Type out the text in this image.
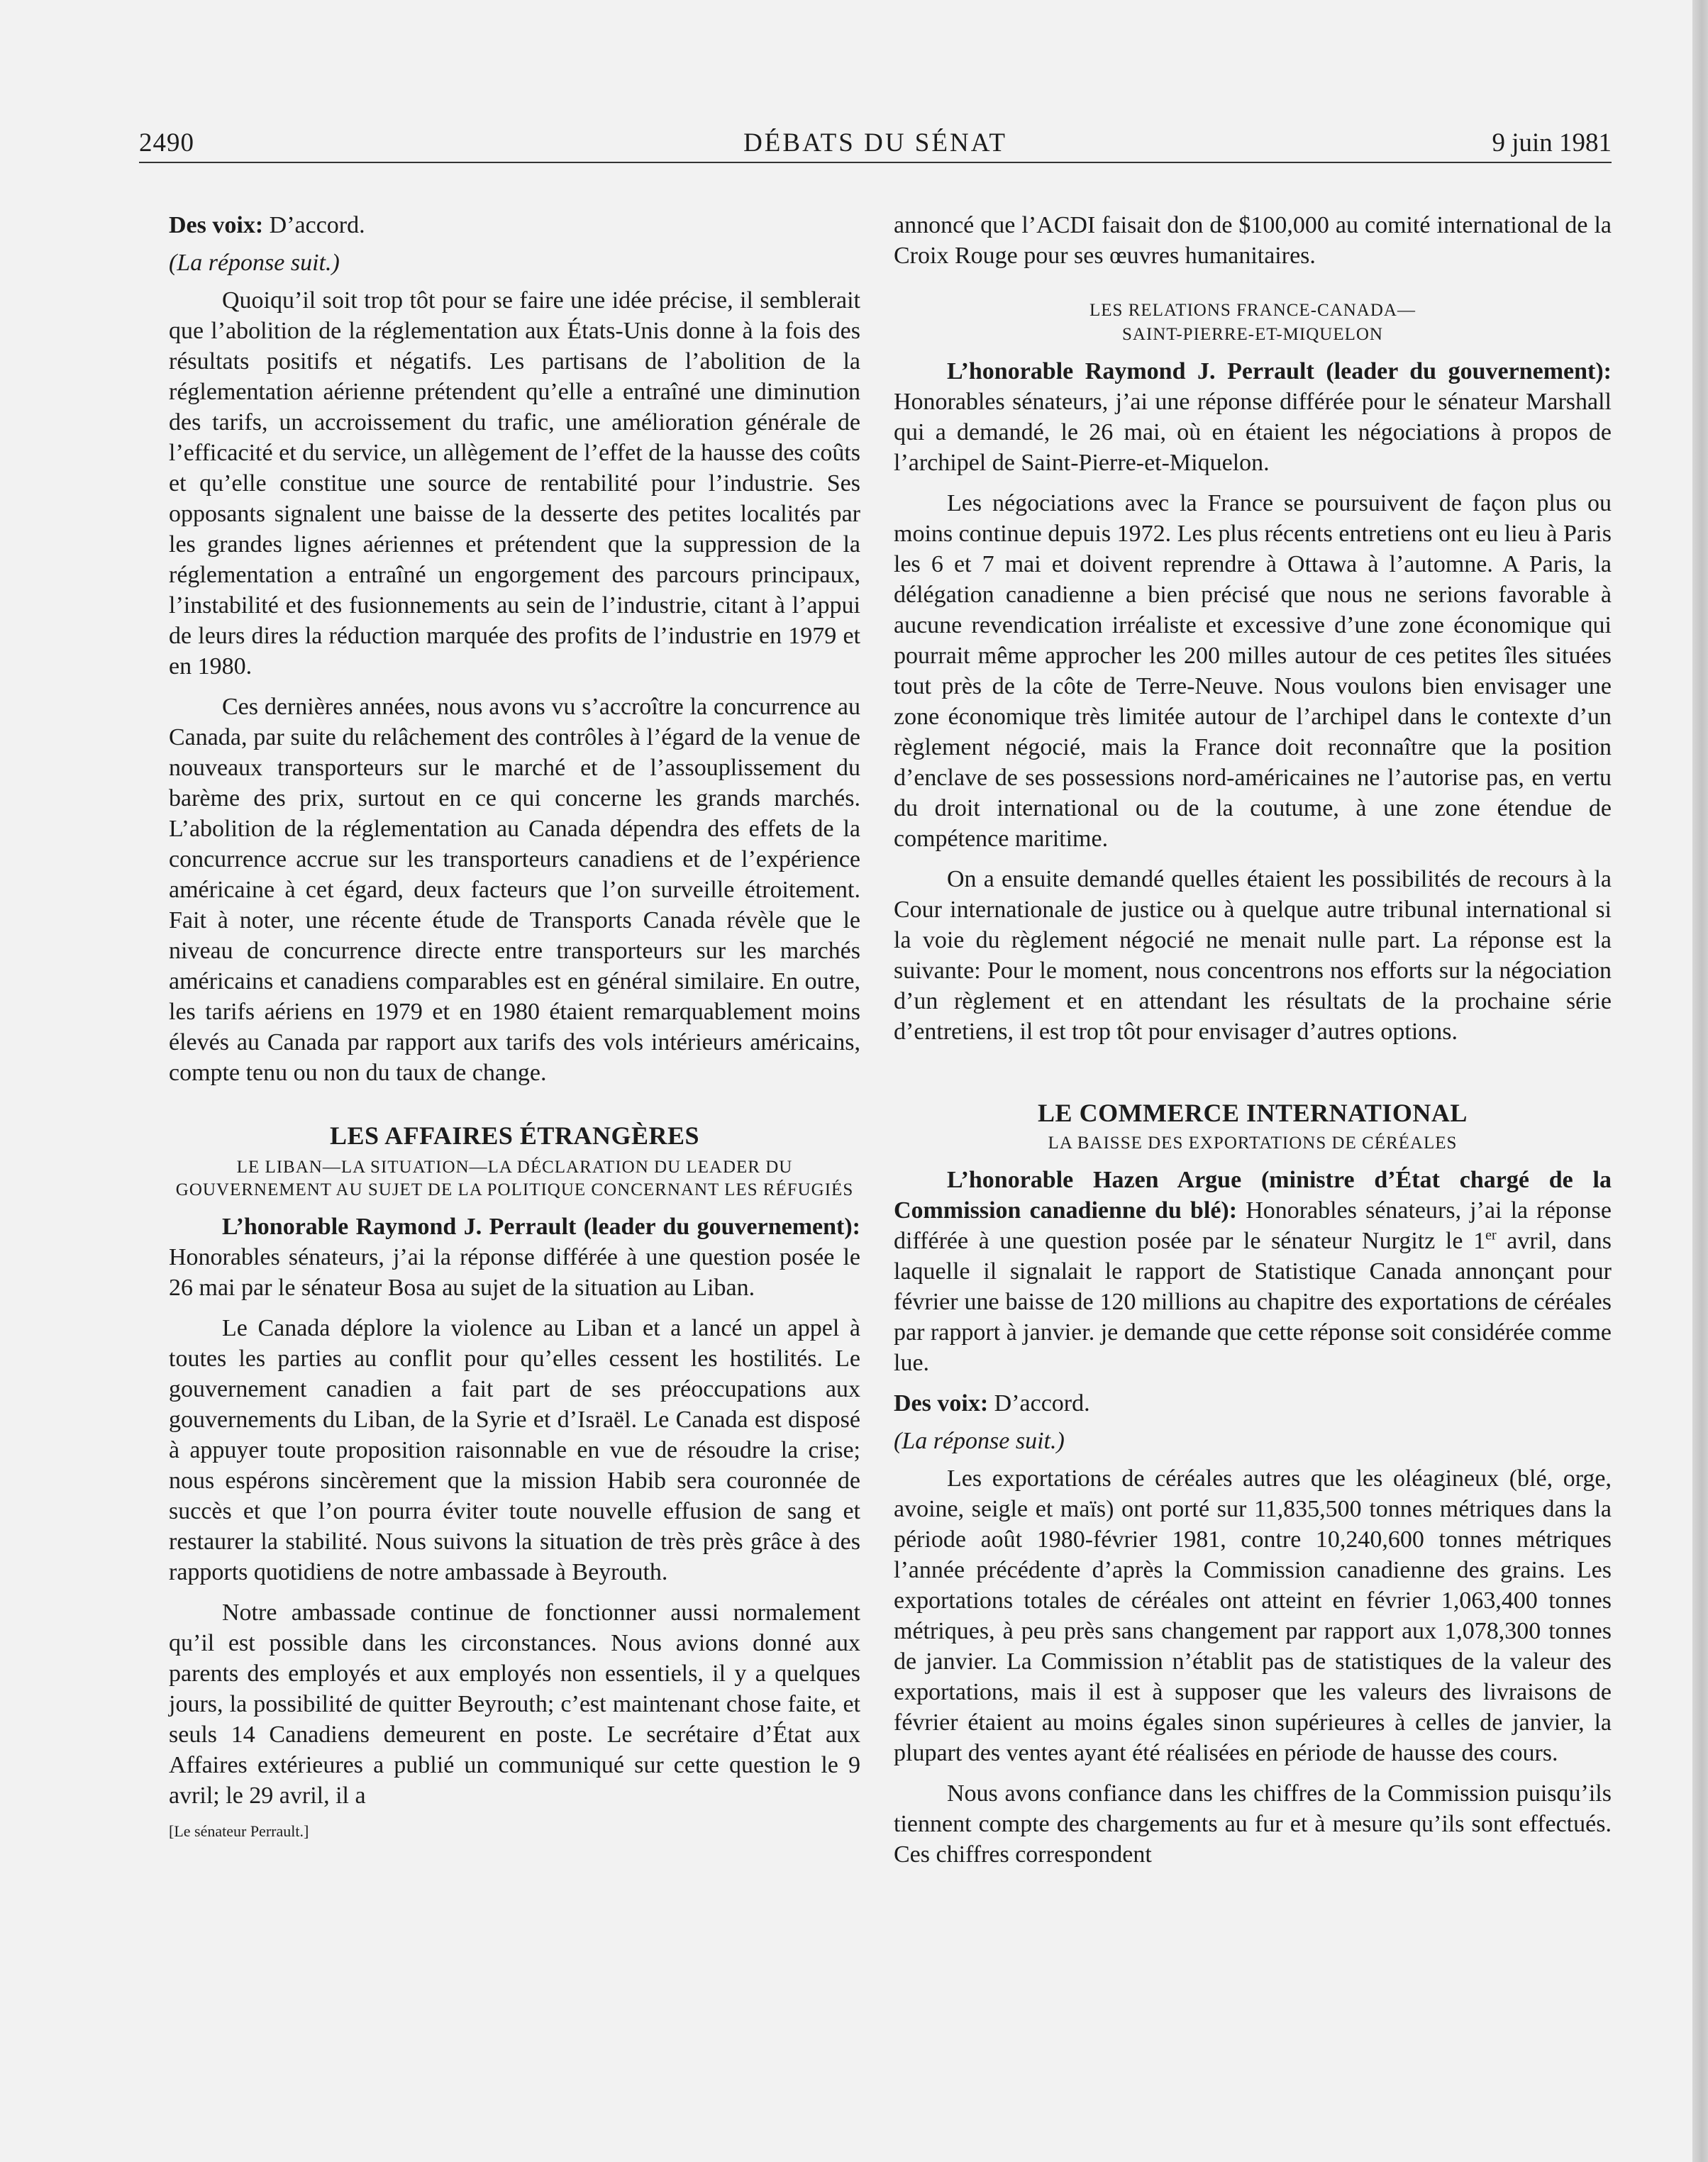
2490	DÉBATS DU SÉNAT	9 juin 1981

Des voix: D’accord.

(La réponse suit.)

Quoiqu’il soit trop tôt pour se faire une idée précise, il semblerait que l’abolition de la réglementation aux États-Unis donne à la fois des résultats positifs et négatifs. Les partisans de l’abolition de la réglementation aérienne prétendent qu’elle a entraîné une diminution des tarifs, un accroissement du trafic, une amélioration générale de l’efficacité et du service, un allègement de l’effet de la hausse des coûts et qu’elle constitue une source de rentabilité pour l’industrie. Ses opposants signalent une baisse de la desserte des petites localités par les grandes lignes aériennes et prétendent que la suppression de la réglementation a entraîné un engorgement des parcours principaux, l’instabilité et des fusionnements au sein de l’industrie, citant à l’appui de leurs dires la réduction marquée des profits de l’industrie en 1979 et en 1980.

Ces dernières années, nous avons vu s’accroître la concurrence au Canada, par suite du relâchement des contrôles à l’égard de la venue de nouveaux transporteurs sur le marché et de l’assouplissement du barème des prix, surtout en ce qui concerne les grands marchés. L’abolition de la réglementation au Canada dépendra des effets de la concurrence accrue sur les transporteurs canadiens et de l’expérience américaine à cet égard, deux facteurs que l’on surveille étroitement. Fait à noter, une récente étude de Transports Canada révèle que le niveau de concurrence directe entre transporteurs sur les marchés américains et canadiens comparables est en général similaire. En outre, les tarifs aériens en 1979 et en 1980 étaient remarquablement moins élevés au Canada par rapport aux tarifs des vols intérieurs américains, compte tenu ou non du taux de change.

LES AFFAIRES ÉTRANGÈRES

LE LIBAN—LA SITUATION—LA DÉCLARATION DU LEADER DU GOUVERNEMENT AU SUJET DE LA POLITIQUE CONCERNANT LES RÉFUGIÉS

L’honorable Raymond J. Perrault (leader du gouvernement): Honorables sénateurs, j’ai la réponse différée à une question posée le 26 mai par le sénateur Bosa au sujet de la situation au Liban.

Le Canada déplore la violence au Liban et a lancé un appel à toutes les parties au conflit pour qu’elles cessent les hostilités. Le gouvernement canadien a fait part de ses préoccupations aux gouvernements du Liban, de la Syrie et d’Israël. Le Canada est disposé à appuyer toute proposition raisonnable en vue de résoudre la crise; nous espérons sincèrement que la mission Habib sera couronnée de succès et que l’on pourra éviter toute nouvelle effusion de sang et restaurer la stabilité. Nous suivons la situation de très près grâce à des rapports quotidiens de notre ambassade à Beyrouth.

Notre ambassade continue de fonctionner aussi normalement qu’il est possible dans les circonstances. Nous avions donné aux parents des employés et aux employés non essentiels, il y a quelques jours, la possibilité de quitter Beyrouth; c’est maintenant chose faite, et seuls 14 Canadiens demeurent en poste. Le secrétaire d’État aux Affaires extérieures a publié un communiqué sur cette question le 9 avril; le 29 avril, il a

[Le sénateur Perrault.]

annoncé que l’ACDI faisait don de $100,000 au comité international de la Croix Rouge pour ses œuvres humanitaires.

LES RELATIONS FRANCE-CANADA—

SAINT-PIERRE-ET-MIQUELON

L’honorable Raymond J. Perrault (leader du gouvernement): Honorables sénateurs, j’ai une réponse différée pour le sénateur Marshall qui a demandé, le 26 mai, où en étaient les négociations à propos de l’archipel de Saint-Pierre-et-Miquelon.

Les négociations avec la France se poursuivent de façon plus ou moins continue depuis 1972. Les plus récents entretiens ont eu lieu à Paris les 6 et 7 mai et doivent reprendre à Ottawa à l’automne. A Paris, la délégation canadienne a bien précisé que nous ne serions favorable à aucune revendication irréaliste et excessive d’une zone économique qui pourrait même approcher les 200 milles autour de ces petites îles situées tout près de la côte de Terre-Neuve. Nous voulons bien envisager une zone économique très limitée autour de l’archipel dans le contexte d’un règlement négocié, mais la France doit reconnaître que la position d’enclave de ses possessions nord-américaines ne l’autorise pas, en vertu du droit international ou de la coutume, à une zone étendue de compétence maritime.

On a ensuite demandé quelles étaient les possibilités de recours à la Cour internationale de justice ou à quelque autre tribunal international si la voie du règlement négocié ne menait nulle part. La réponse est la suivante: Pour le moment, nous concentrons nos efforts sur la négociation d’un règlement et en attendant les résultats de la prochaine série d’entretiens, il est trop tôt pour envisager d’autres options.

LE COMMERCE INTERNATIONAL

LA BAISSE DES EXPORTATIONS DE CÉRÉALES

L’honorable Hazen Argue (ministre d’État chargé de la Commission canadienne du blé): Honorables sénateurs, j’ai la réponse différée à une question posée par le sénateur Nurgitz le 1er avril, dans laquelle il signalait le rapport de Statistique Canada annonçant pour février une baisse de 120 millions au chapitre des exportations de céréales par rapport à janvier. je demande que cette réponse soit considérée comme lue.

Des voix: D’accord.

(La réponse suit.)

Les exportations de céréales autres que les oléagineux (blé, orge, avoine, seigle et maïs) ont porté sur 11,835,500 tonnes métriques dans la période août 1980-février 1981, contre 10,240,600 tonnes métriques l’année précédente d’après la Commission canadienne des grains. Les exportations totales de céréales ont atteint en février 1,063,400 tonnes métriques, à peu près sans changement par rapport aux 1,078,300 tonnes de janvier. La Commission n’établit pas de statistiques de la valeur des exportations, mais il est à supposer que les valeurs des livraisons de février étaient au moins égales sinon supérieures à celles de janvier, la plupart des ventes ayant été réalisées en période de hausse des cours.

Nous avons confiance dans les chiffres de la Commission puisqu’ils tiennent compte des chargements au fur et à mesure qu’ils sont effectués. Ces chiffres correspondent
